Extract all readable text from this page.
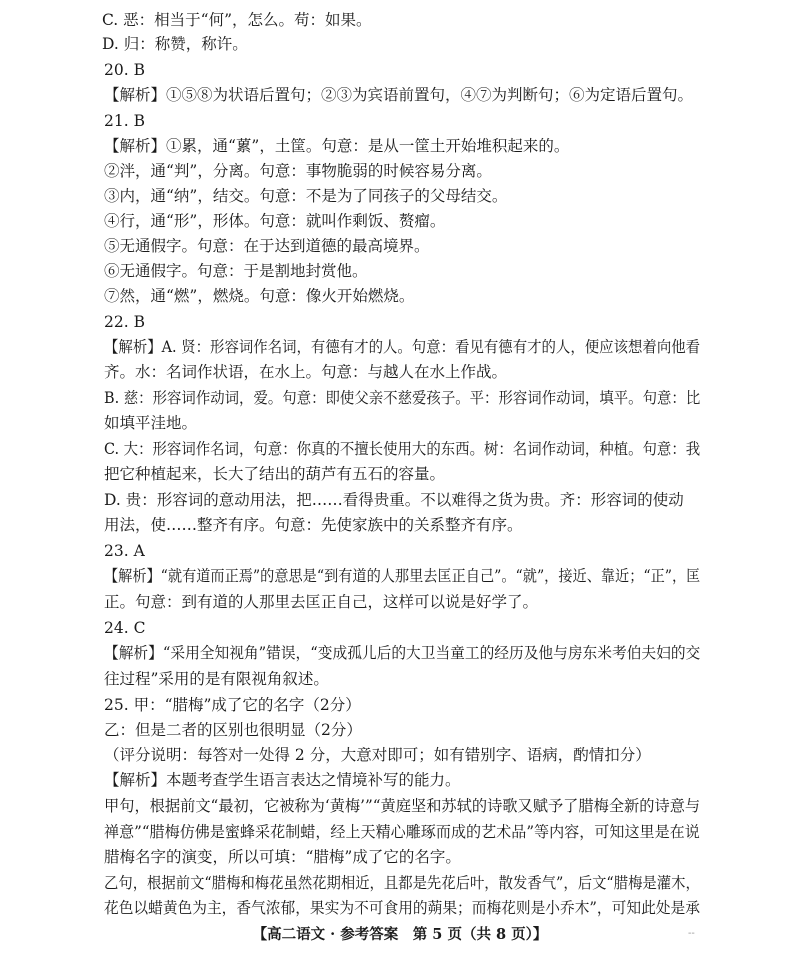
C. 恶：相当于“何”，怎么。苟：如果。
D. 归：称赞，称许。
20. B
【解析】①⑤⑧为状语后置句；②③为宾语前置句，④⑦为判断句；⑥为定语后置句。
21. B
【解析】①累，通“蔂”，土筐。句意：是从一筐土开始堆积起来的。
②泮，通“判”，分离。句意：事物脆弱的时候容易分离。
③内，通“纳”，结交。句意：不是为了同孩子的父母结交。
④行，通“形”，形体。句意：就叫作剩饭、赘瘤。
⑤无通假字。句意：在于达到道德的最高境界。
⑥无通假字。句意：于是割地封赏他。
⑦然，通“燃”，燃烧。句意：像火开始燃烧。
22. B
【解析】A. 贤：形容词作名词，有德有才的人。句意：看见有德有才的人，便应该想着向他看
齐。水：名词作状语，在水上。句意：与越人在水上作战。
B. 慈：形容词作动词，爱。句意：即使父亲不慈爱孩子。平：形容词作动词，填平。句意：比
如填平洼地。
C. 大：形容词作名词，句意：你真的不擅长使用大的东西。树：名词作动词，种植。句意：我
把它种植起来，长大了结出的葫芦有五石的容量。
D. 贵：形容词的意动用法，把……看得贵重。不以难得之货为贵。齐：形容词的使动
用法，使……整齐有序。句意：先使家族中的关系整齐有序。
23. A
【解析】“就有道而正焉”的意思是“到有道的人那里去匡正自己”。“就”，接近、靠近；“正”，匡
正。句意：到有道的人那里去匡正自己，这样可以说是好学了。
24. C
【解析】“采用全知视角”错误，“变成孤儿后的大卫当童工的经历及他与房东米考伯夫妇的交
往过程”采用的是有限视角叙述。
25. 甲：“腊梅”成了它的名字（2分）
乙：但是二者的区别也很明显（2分）
（评分说明：每答对一处得 2 分，大意对即可；如有错别字、语病，酌情扣分）
【解析】本题考查学生语言表达之情境补写的能力。
甲句，根据前文“最初，它被称为‘黄梅’”“黄庭坚和苏轼的诗歌又赋予了腊梅全新的诗意与
禅意”“腊梅仿佛是蜜蜂采花制蜡，经上天精心雕琢而成的艺术品”等内容，可知这里是在说
腊梅名字的演变，所以可填：“腊梅”成了它的名字。
乙句，根据前文“腊梅和梅花虽然花期相近，且都是先花后叶，散发香气”，后文“腊梅是灌木，
花色以蜡黄色为主，香气浓郁，果实为不可食用的蒴果；而梅花则是小乔木”，可知此处是承
【高二语文 · 参考答案　第 5 页（共 8 页）】	--
